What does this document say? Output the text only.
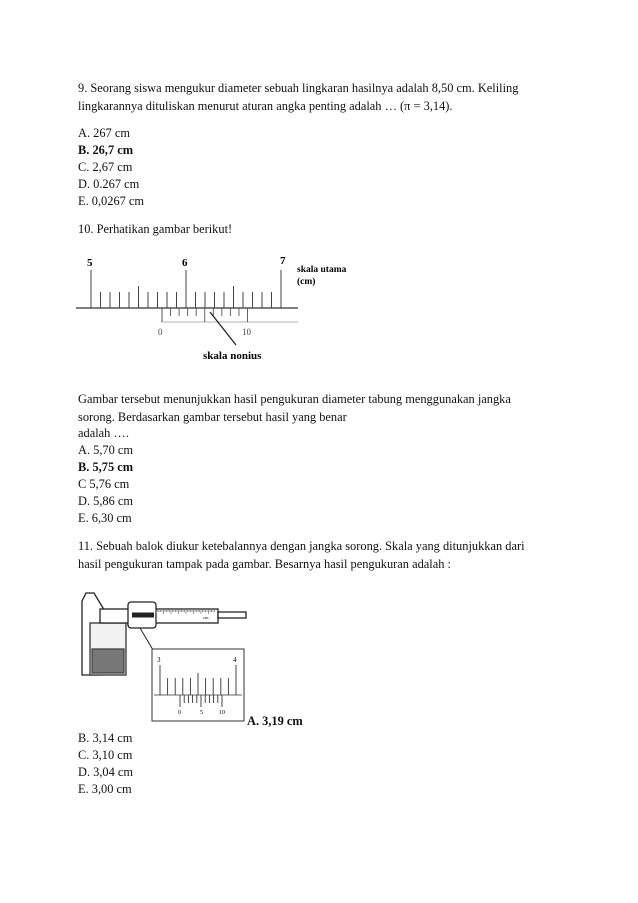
9. Seorang siswa mengukur diameter sebuah lingkaran hasilnya adalah 8,50 cm. Keliling
lingkarannya dituliskan menurut aturan angka penting adalah … (π = 3,14).
A. 267 cm
B. 26,7 cm
C. 2,67 cm
D. 0.267 cm
E. 0,0267 cm
10. Perhatikan gambar berikut!
5	6	7
skala utama
(cm)
0	10
skala nonius
Gambar tersebut menunjukkan hasil pengukuran diameter tabung menggunakan jangka
sorong. Berdasarkan gambar tersebut hasil yang benar
adalah ….
A. 5,70 cm
B. 5,75 cm
C 5,76 cm
D. 5,86 cm
E. 6,30 cm
11. Sebuah balok diukur ketebalannya dengan jangka sorong. Skala yang ditunjukkan dari
hasil pengukuran tampak pada gambar. Besarnya hasil pengukuran adalah :
cm
3	4
0	5	10
A. 3,19 cm
B. 3,14 cm
C. 3,10 cm
D. 3,04 cm
E. 3,00 cm
